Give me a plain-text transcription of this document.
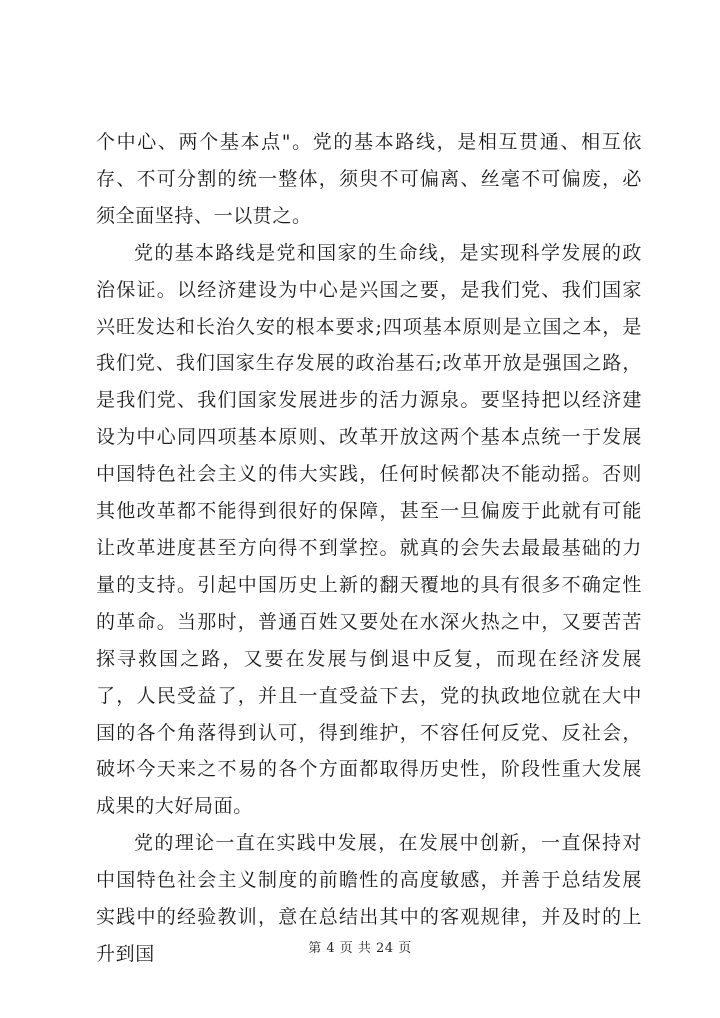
个中心、两个基本点"。党的基本路线，是相互贯通、相互依存、不可分割的统一整体，须臾不可偏离、丝毫不可偏废，必须全面坚持、一以贯之。

党的基本路线是党和国家的生命线，是实现科学发展的政治保证。以经济建设为中心是兴国之要，是我们党、我们国家兴旺发达和长治久安的根本要求;四项基本原则是立国之本，是我们党、我们国家生存发展的政治基石;改革开放是强国之路，是我们党、我们国家发展进步的活力源泉。要坚持把以经济建设为中心同四项基本原则、改革开放这两个基本点统一于发展中国特色社会主义的伟大实践，任何时候都决不能动摇。否则其他改革都不能得到很好的保障，甚至一旦偏废于此就有可能让改革进度甚至方向得不到掌控。就真的会失去最最基础的力量的支持。引起中国历史上新的翻天覆地的具有很多不确定性的革命。当那时，普通百姓又要处在水深火热之中，又要苦苦探寻救国之路，又要在发展与倒退中反复，而现在经济发展了，人民受益了，并且一直受益下去，党的执政地位就在大中国的各个角落得到认可，得到维护，不容任何反党、反社会，破坏今天来之不易的各个方面都取得历史性，阶段性重大发展成果的大好局面。

党的理论一直在实践中发展，在发展中创新，一直保持对中国特色社会主义制度的前瞻性的高度敏感，并善于总结发展实践中的经验教训，意在总结出其中的客观规律，并及时的上升到国	第 4 页 共 24 页
